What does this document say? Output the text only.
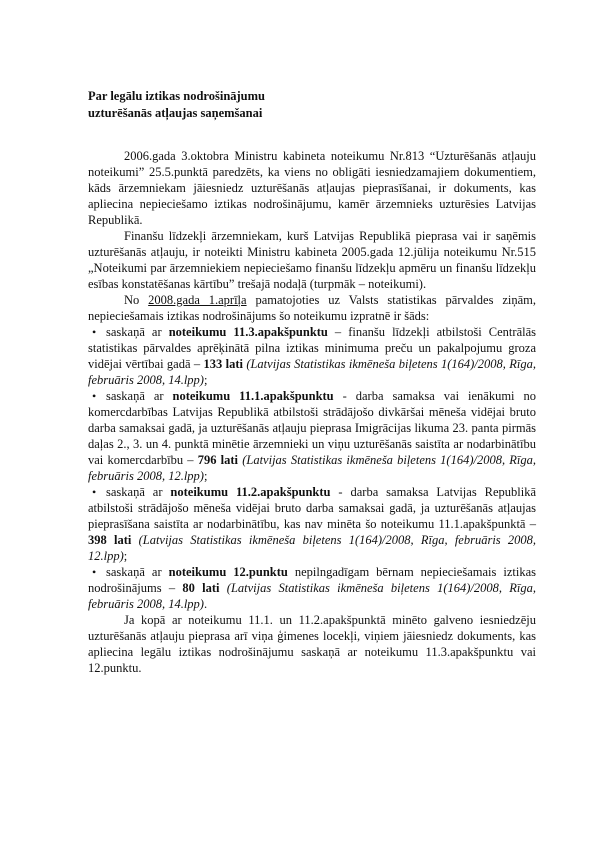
Par legālu iztikas nodrošinājumu
uzturēšanās atļaujas saņemšanai

2006.gada 3.oktobra Ministru kabineta noteikumu Nr.813 “Uzturēšanās atļauju noteikumi” 25.5.punktā paredzēts, ka viens no obligāti iesniedzamajiem dokumentiem, kāds ārzemniekam jāiesniedz uzturēšanās atļaujas pieprasīšanai, ir dokuments, kas apliecina nepieciešamo iztikas nodrošinājumu, kamēr ārzemnieks uzturēsies Latvijas Republikā.

Finanšu līdzekļi ārzemniekam, kurš Latvijas Republikā pieprasa vai ir saņēmis uzturēšanās atļauju, ir noteikti Ministru kabineta 2005.gada 12.jūlija noteikumu Nr.515 „Noteikumi par ārzemniekiem nepieciešamo finanšu līdzekļu apmēru un finanšu līdzekļu esības konstatēšanas kārtību” trešajā nodaļā (turpmāk – noteikumi).

No 2008.gada 1.aprīļa pamatojoties uz Valsts statistikas pārvaldes ziņām, nepieciešamais iztikas nodrošinājums šo noteikumu izpratnē ir šāds:

• saskaņā ar noteikumu 11.3.apakšpunktu – finanšu līdzekļi atbilstoši Centrālās statistikas pārvaldes aprēķinātā pilna iztikas minimuma preču un pakalpojumu groza vidējai vērtībai gadā – 133 lati (Latvijas Statistikas ikmēneša biļetens 1(164)/2008, Rīga, februāris 2008, 14.lpp);
• saskaņā ar noteikumu 11.1.apakšpunktu - darba samaksa vai ienākumi no komercdarbības Latvijas Republikā atbilstoši strādājošo divkāršai mēneša vidējai bruto darba samaksai gadā, ja uzturēšanās atļauju pieprasa Imigrācijas likuma 23. panta pirmās daļas 2., 3. un 4. punktā minētie ārzemnieki un viņu uzturēšanās saistīta ar nodarbinātību vai komercdarbību – 796 lati (Latvijas Statistikas ikmēneša biļetens 1(164)/2008, Rīga, februāris 2008, 12.lpp);
• saskaņā ar noteikumu 11.2.apakšpunktu - darba samaksa Latvijas Republikā atbilstoši strādājošo mēneša vidējai bruto darba samaksai gadā, ja uzturēšanās atļaujas pieprasīšana saistīta ar nodarbinātību, kas nav minēta šo noteikumu 11.1.apakšpunktā – 398 lati (Latvijas Statistikas ikmēneša biļetens 1(164)/2008, Rīga, februāris 2008, 12.lpp);
• saskaņā ar noteikumu 12.punktu nepilngadīgam bērnam nepieciešamais iztikas nodrošinājums – 80 lati (Latvijas Statistikas ikmēneša biļetens 1(164)/2008, Rīga, februāris 2008, 14.lpp).

Ja kopā ar noteikumu 11.1. un 11.2.apakšpunktā minēto galveno iesniedzēju uzturēšanās atļauju pieprasa arī viņa ģimenes locekļi, viņiem jāiesniedz dokuments, kas apliecina legālu iztikas nodrošinājumu saskaņā ar noteikumu 11.3.apakšpunktu vai 12.punktu.
